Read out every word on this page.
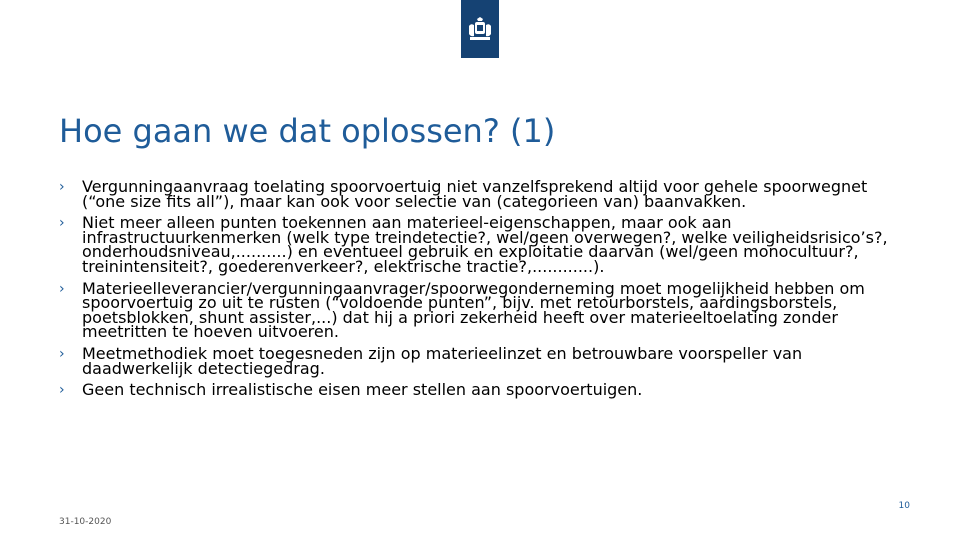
Hoe gaan we dat oplossen? (1)
› Vergunningaanvraag toelating spoorvoertuig niet vanzelfsprekend altijd voor gehele spoorwegnet (“one size fits all”), maar kan ook voor selectie van (categorieen van) baanvakken.
› Niet meer alleen punten toekennen aan materieel-eigenschappen, maar ook aan infrastructuurkenmerken (welk type treindetectie?, wel/geen overwegen?, welke veiligheidsrisico’s?, onderhoudsniveau,..........) en eventueel gebruik en exploitatie daarvan (wel/geen monocultuur?, treinintensiteit?, goederenverkeer?, elektrische tractie?,............).
› Materieelleverancier/vergunningaanvrager/spoorwegonderneming moet mogelijkheid hebben om spoorvoertuig zo uit te rusten (“voldoende punten”, bijv. met retourborstels, aardingsborstels, poetsblokken, shunt assister,...) dat hij a priori zekerheid heeft over materieeltoelating zonder meetritten te hoeven uitvoeren.
› Meetmethodiek moet toegesneden zijn op materieelinzet en betrouwbare voorspeller van daadwerkelijk detectiegedrag.
› Geen technisch irrealistische eisen meer stellen aan spoorvoertuigen.
10
31-10-2020
